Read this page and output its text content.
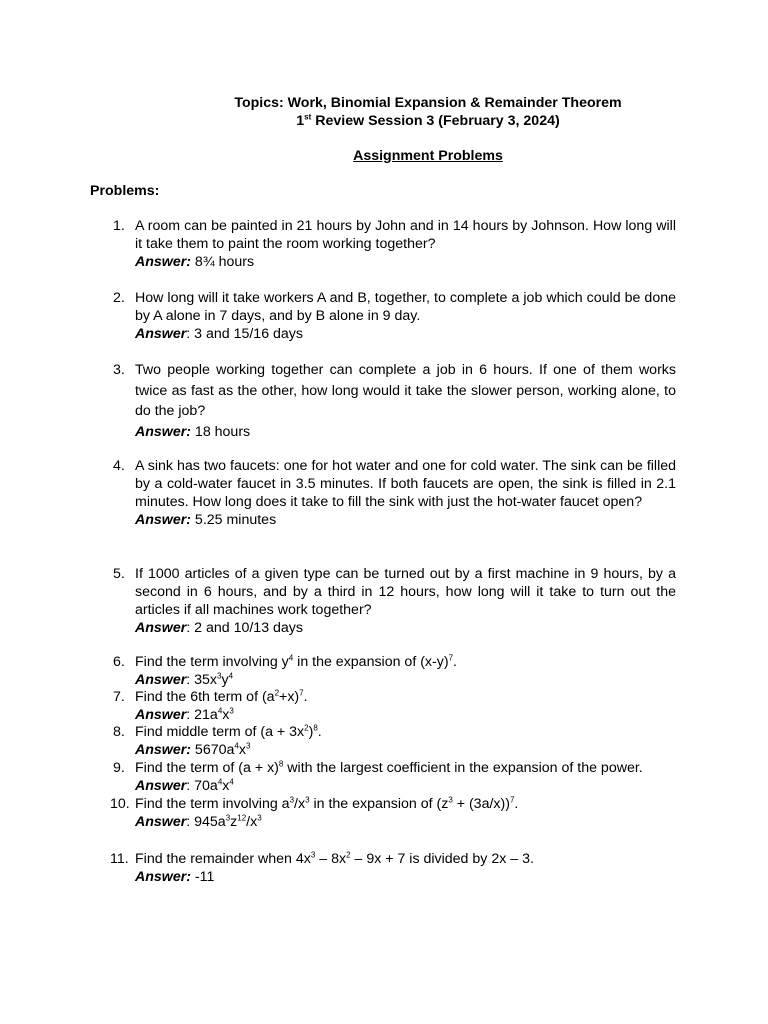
Topics: Work, Binomial Expansion & Remainder Theorem
1st Review Session 3 (February 3, 2024)
Assignment Problems
Problems:
1. A room can be painted in 21 hours by John and in 14 hours by Johnson. How long will it take them to paint the room working together?

Answer: 8¾ hours
2. How long will it take workers A and B, together, to complete a job which could be done by A alone in 7 days, and by B alone in 9 day.

Answer: 3 and 15/16 days
3. Two people working together can complete a job in 6 hours. If one of them works twice as fast as the other, how long would it take the slower person, working alone, to do the job?

Answer: 18 hours
4. A sink has two faucets: one for hot water and one for cold water. The sink can be filled by a cold-water faucet in 3.5 minutes. If both faucets are open, the sink is filled in 2.1 minutes. How long does it take to fill the sink with just the hot-water faucet open?

Answer: 5.25 minutes
5. If 1000 articles of a given type can be turned out by a first machine in 9 hours, by a second in 6 hours, and by a third in 12 hours, how long will it take to turn out the articles if all machines work together?

Answer: 2 and 10/13 days
6. Find the term involving $y^4$ in the expansion of $(x-y)^7$.

Answer: $35x^3y^4$
7. Find the 6th term of $(a^2+x)^7$.

Answer: $21a^4x^3$
8. Find middle term of $(a + 3x^2)^8$.

Answer: $5670a^4x^3$
9. Find the term of $(a + x)^8$ with the largest coefficient in the expansion of the power.

Answer: $70a^4x^4$
10. Find the term involving $a^3/x^3$ in the expansion of $(z^3 + (3a/x))^7$.

Answer: $945a^3z^{12}/x^3$
11. Find the remainder when $4x^3 - 8x^2 - 9x + 7$ is divided by 2x – 3.

Answer: -11
